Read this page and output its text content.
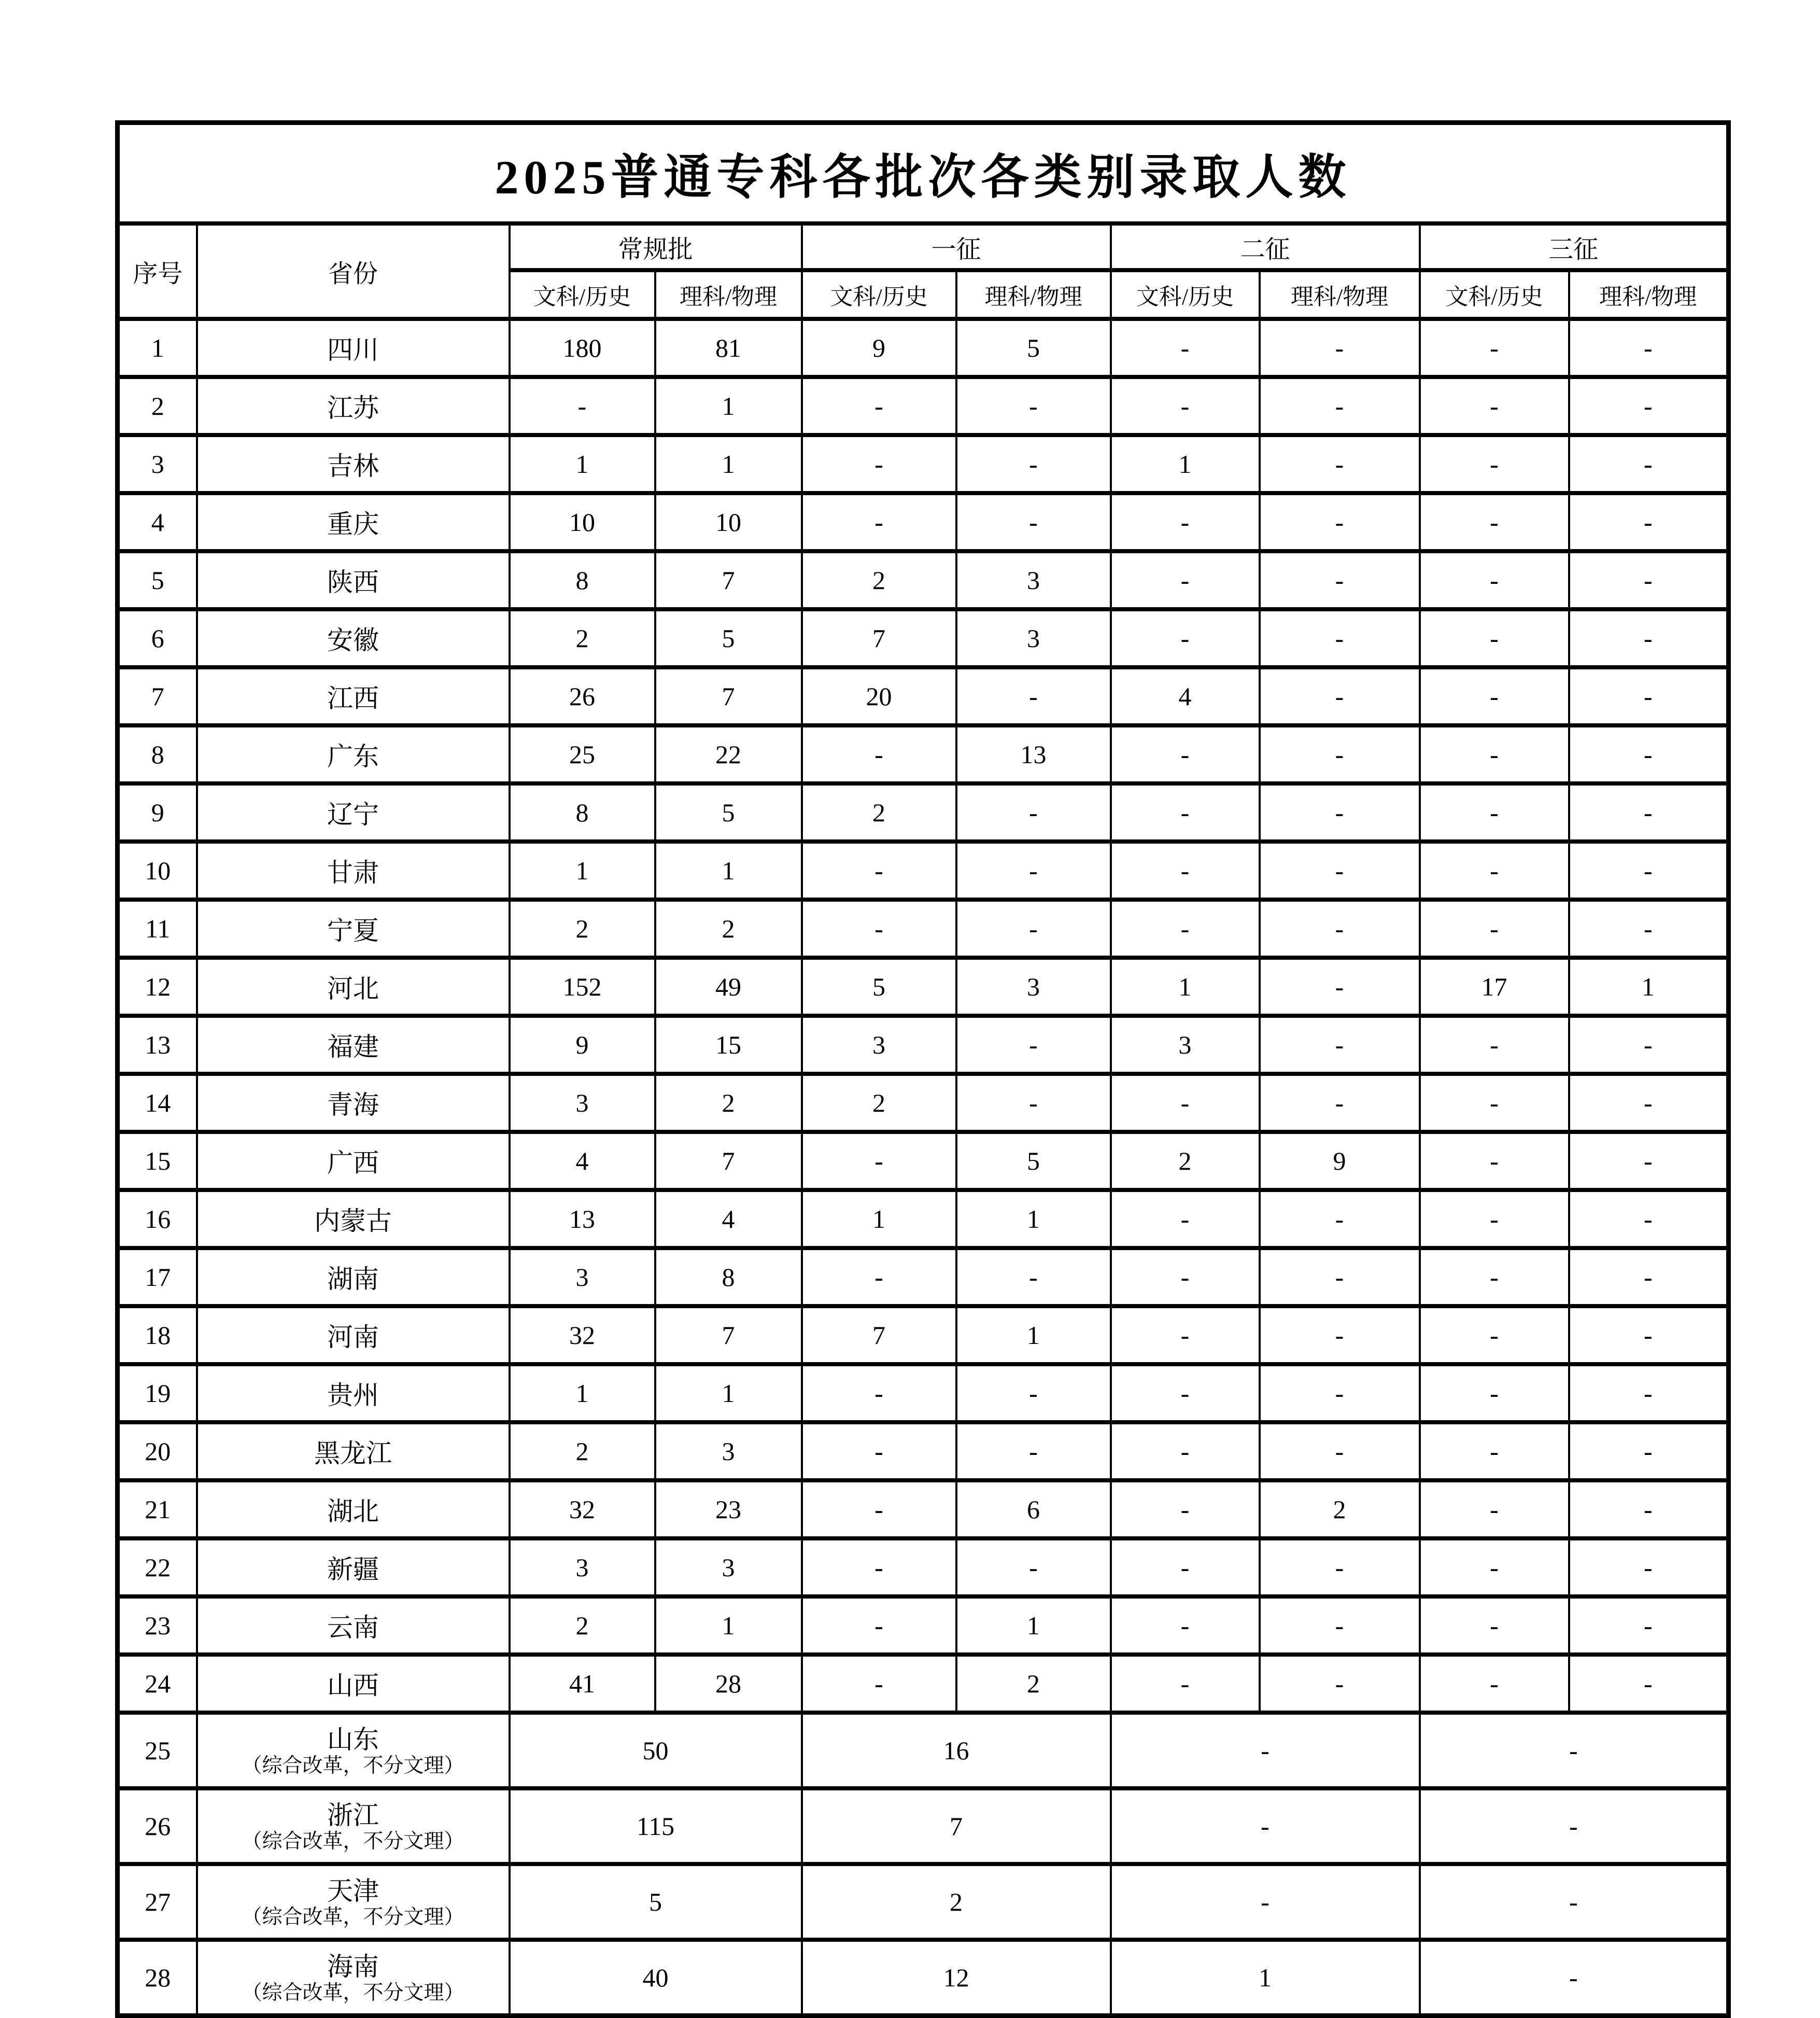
2025普通专科各批次各类别录取人数									
序号	省份	常规批		一征		二征		三征	
		文科/历史	理科/物理	文科/历史	理科/物理	文科/历史	理科/物理	文科/历史	理科/物理
1	四川	180	81	9	5	-	-	-	-
2	江苏	-	1	-	-	-	-	-	-
3	吉林	1	1	-	-	1	-	-	-
4	重庆	10	10	-	-	-	-	-	-
5	陕西	8	7	2	3	-	-	-	-
6	安徽	2	5	7	3	-	-	-	-
7	江西	26	7	20	-	4	-	-	-
8	广东	25	22	-	13	-	-	-	-
9	辽宁	8	5	2	-	-	-	-	-
10	甘肃	1	1	-	-	-	-	-	-
11	宁夏	2	2	-	-	-	-	-	-
12	河北	152	49	5	3	1	-	17	1
13	福建	9	15	3	-	3	-	-	-
14	青海	3	2	2	-	-	-	-	-
15	广西	4	7	-	5	2	9	-	-
16	内蒙古	13	4	1	1	-	-	-	-
17	湖南	3	8	-	-	-	-	-	-
18	河南	32	7	7	1	-	-	-	-
19	贵州	1	1	-	-	-	-	-	-
20	黑龙江	2	3	-	-	-	-	-	-
21	湖北	32	23	-	6	-	2	-	-
22	新疆	3	3	-	-	-	-	-	-
23	云南	2	1	-	1	-	-	-	-
24	山西	41	28	-	2	-	-	-	-
25	山东
（综合改革，不分文理）	50		16		-		-	
26	浙江
（综合改革，不分文理）	115		7		-		-	
27	天津
（综合改革，不分文理）	5		2		-		-	
28	海南
（综合改革，不分文理）	40		12		1		-	
